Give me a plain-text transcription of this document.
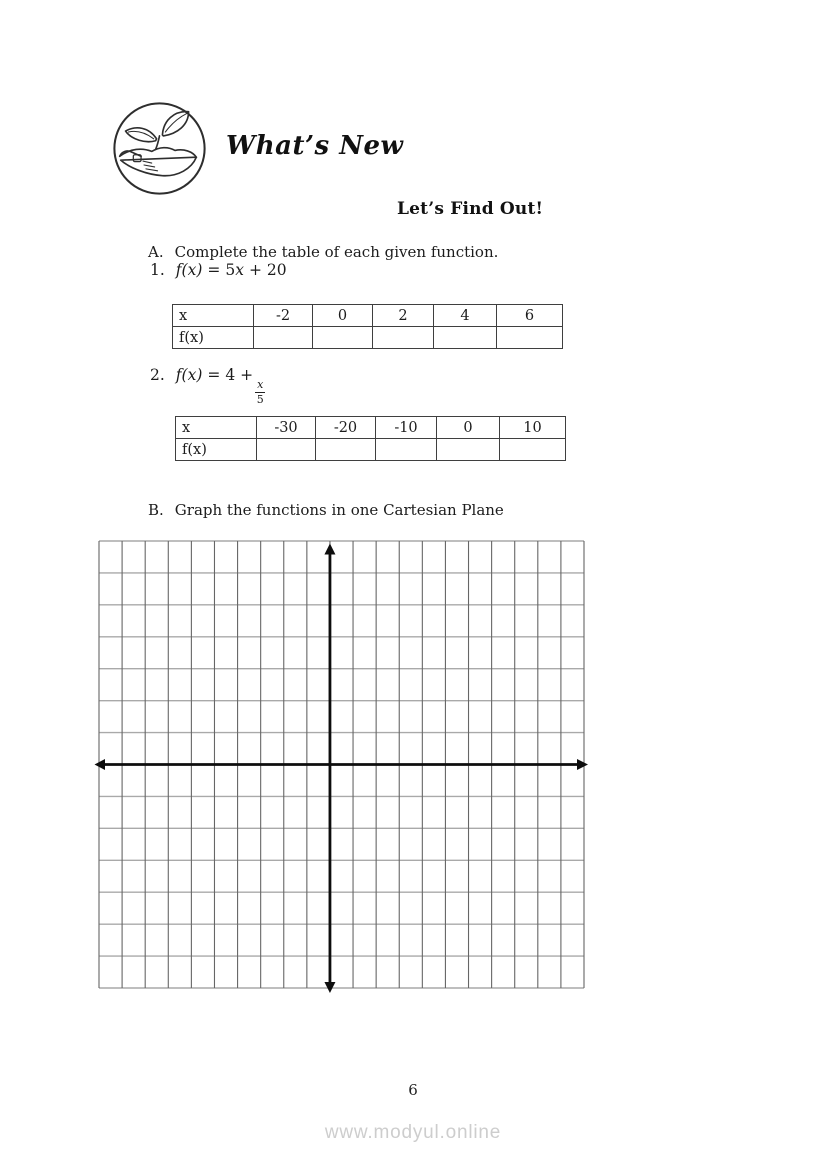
What’s New
Let’s Find Out!
A. Complete the table of each given function.
1. f(x) = 5x + 20
x	-2	0	2	4	6
f(x)					
2. f(x) = 4 +
$\frac{x}{5}$
x	-30	-20	-10	0	10
f(x)					
B. Graph the functions in one Cartesian Plane
6
www.modyul.online
